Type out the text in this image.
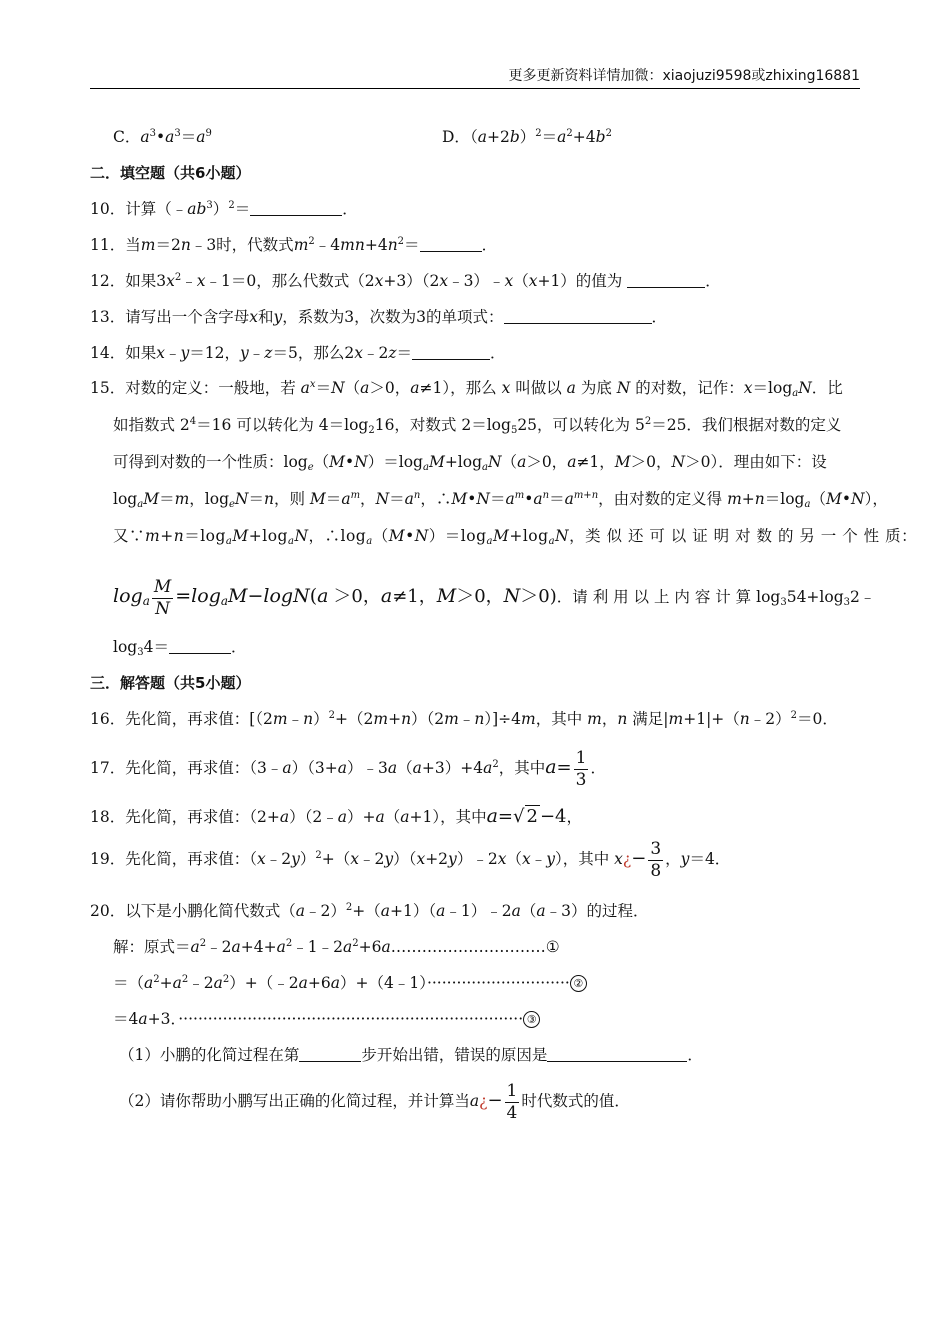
更多更新资料详情加微：xiaojuzi9598或zhixing16881
C．$a^3•a^3=a^9$	D．$(a+2b)^2=a^2+4b^2$
二．填空题（共6小题）
10．计算$(﹣ab^3)^2=$	．
11．当m＝2n﹣3时，代数式$m^2﹣4mn+4n^2=$	．
12．如果$3x^2﹣x﹣1=0$，那么代数式（2x+3）（2x﹣3）﹣x（x+1）的值为	．
13．请写出一个含字母x和y，系数为3，次数为3的单项式：	．
14．如果x﹣y＝12，y﹣z＝5，那么2x﹣2z＝	．
15．对数的定义：一般地，若 $a^x=N(a>0$，a≠1），那么 x 叫做以 a 为底 N 的对数，记作：$x=\log_aN$．比
如指数式 $2^4=16$ 可以转化为 $4=\log_216$，对数式 $2=\log_525$，可以转化为 $5^2=25$．我们根据对数的定义
可得到对数的一个性质：$\log_e(M•N)=\log_aM+\log_aN(a>0$，a≠1，M＞0，N＞0）．理由如下：设
$\log_aM=m$，$\log_eN=n$，则 $M=a^m$，$N=a^n$，$\therefore M•N=a^m•a^n=a^{m+n}$，由对数的定义得 $m+n=\log_a(M•N)$，
又$\because m+n=\log_aM+\log_aN$，$\therefore\log_a(M•N)=\log_aM+\log_aN$，类 似 还 可 以 证 明 对 数 的 另 一 个 性 质：
$\log_a \frac{M}{N} =\log_aM-\log N(a >0$，a≠1，M＞0，N＞0)．请 利 用 以 上 内 容 计 算 $\log_354+\log_32﹣$
$\log_34=$	．
三．解答题（共5小题）
16．先化简，再求值：[（2m﹣n）$^2$+（2m+n）（2m﹣n）]÷4m，其中 m，n 满足|m+1|+（n﹣2）$^2$＝0．
17．先化简，再求值：$(3﹣a)(3+a)﹣3a(a+3)+4a^2$，其中$a= \frac{1}{3}$ ．
18．先化简，再求值：（2+a）（2﹣a）+a（a+1），其中a=√ 2 −4，
19．先化简，再求值：（x﹣2y）$^2$+（x﹣2y）（x+2y）﹣2x（x﹣y），其中 x¿− $\frac{3}{8}$ ，y＝4．
20．以下是小鹏化简代数式（a﹣2）$^2$+（a+1）（a﹣1）﹣2a（a﹣3）的过程．
解：原式$=a^2﹣2a+4+a^2﹣1﹣2a^2+6a\dots\dots\dots\dots\dots\dots\dots\dots\dots\dots ①$
$=(a^2+a^2﹣2a^2)+(﹣2a+6a)+(4﹣1)\cdot\cdot\cdot\cdot\cdot\cdot\cdot\cdot\cdot\cdot\cdot\cdot\cdot\cdot\cdot\cdot\cdot\cdot\cdot\cdot\cdot\cdot\cdot\cdot\cdot\cdot\cdot\cdot\cdot$ ②
＝4a+3．······································································ ③
（1）小鹏的化简过程在第	步开始出错，错误的原因是	．
（2）请你帮助小鹏写出正确的化简过程，并计算当a¿− $\frac{1}{4}$ 时代数式的值．
